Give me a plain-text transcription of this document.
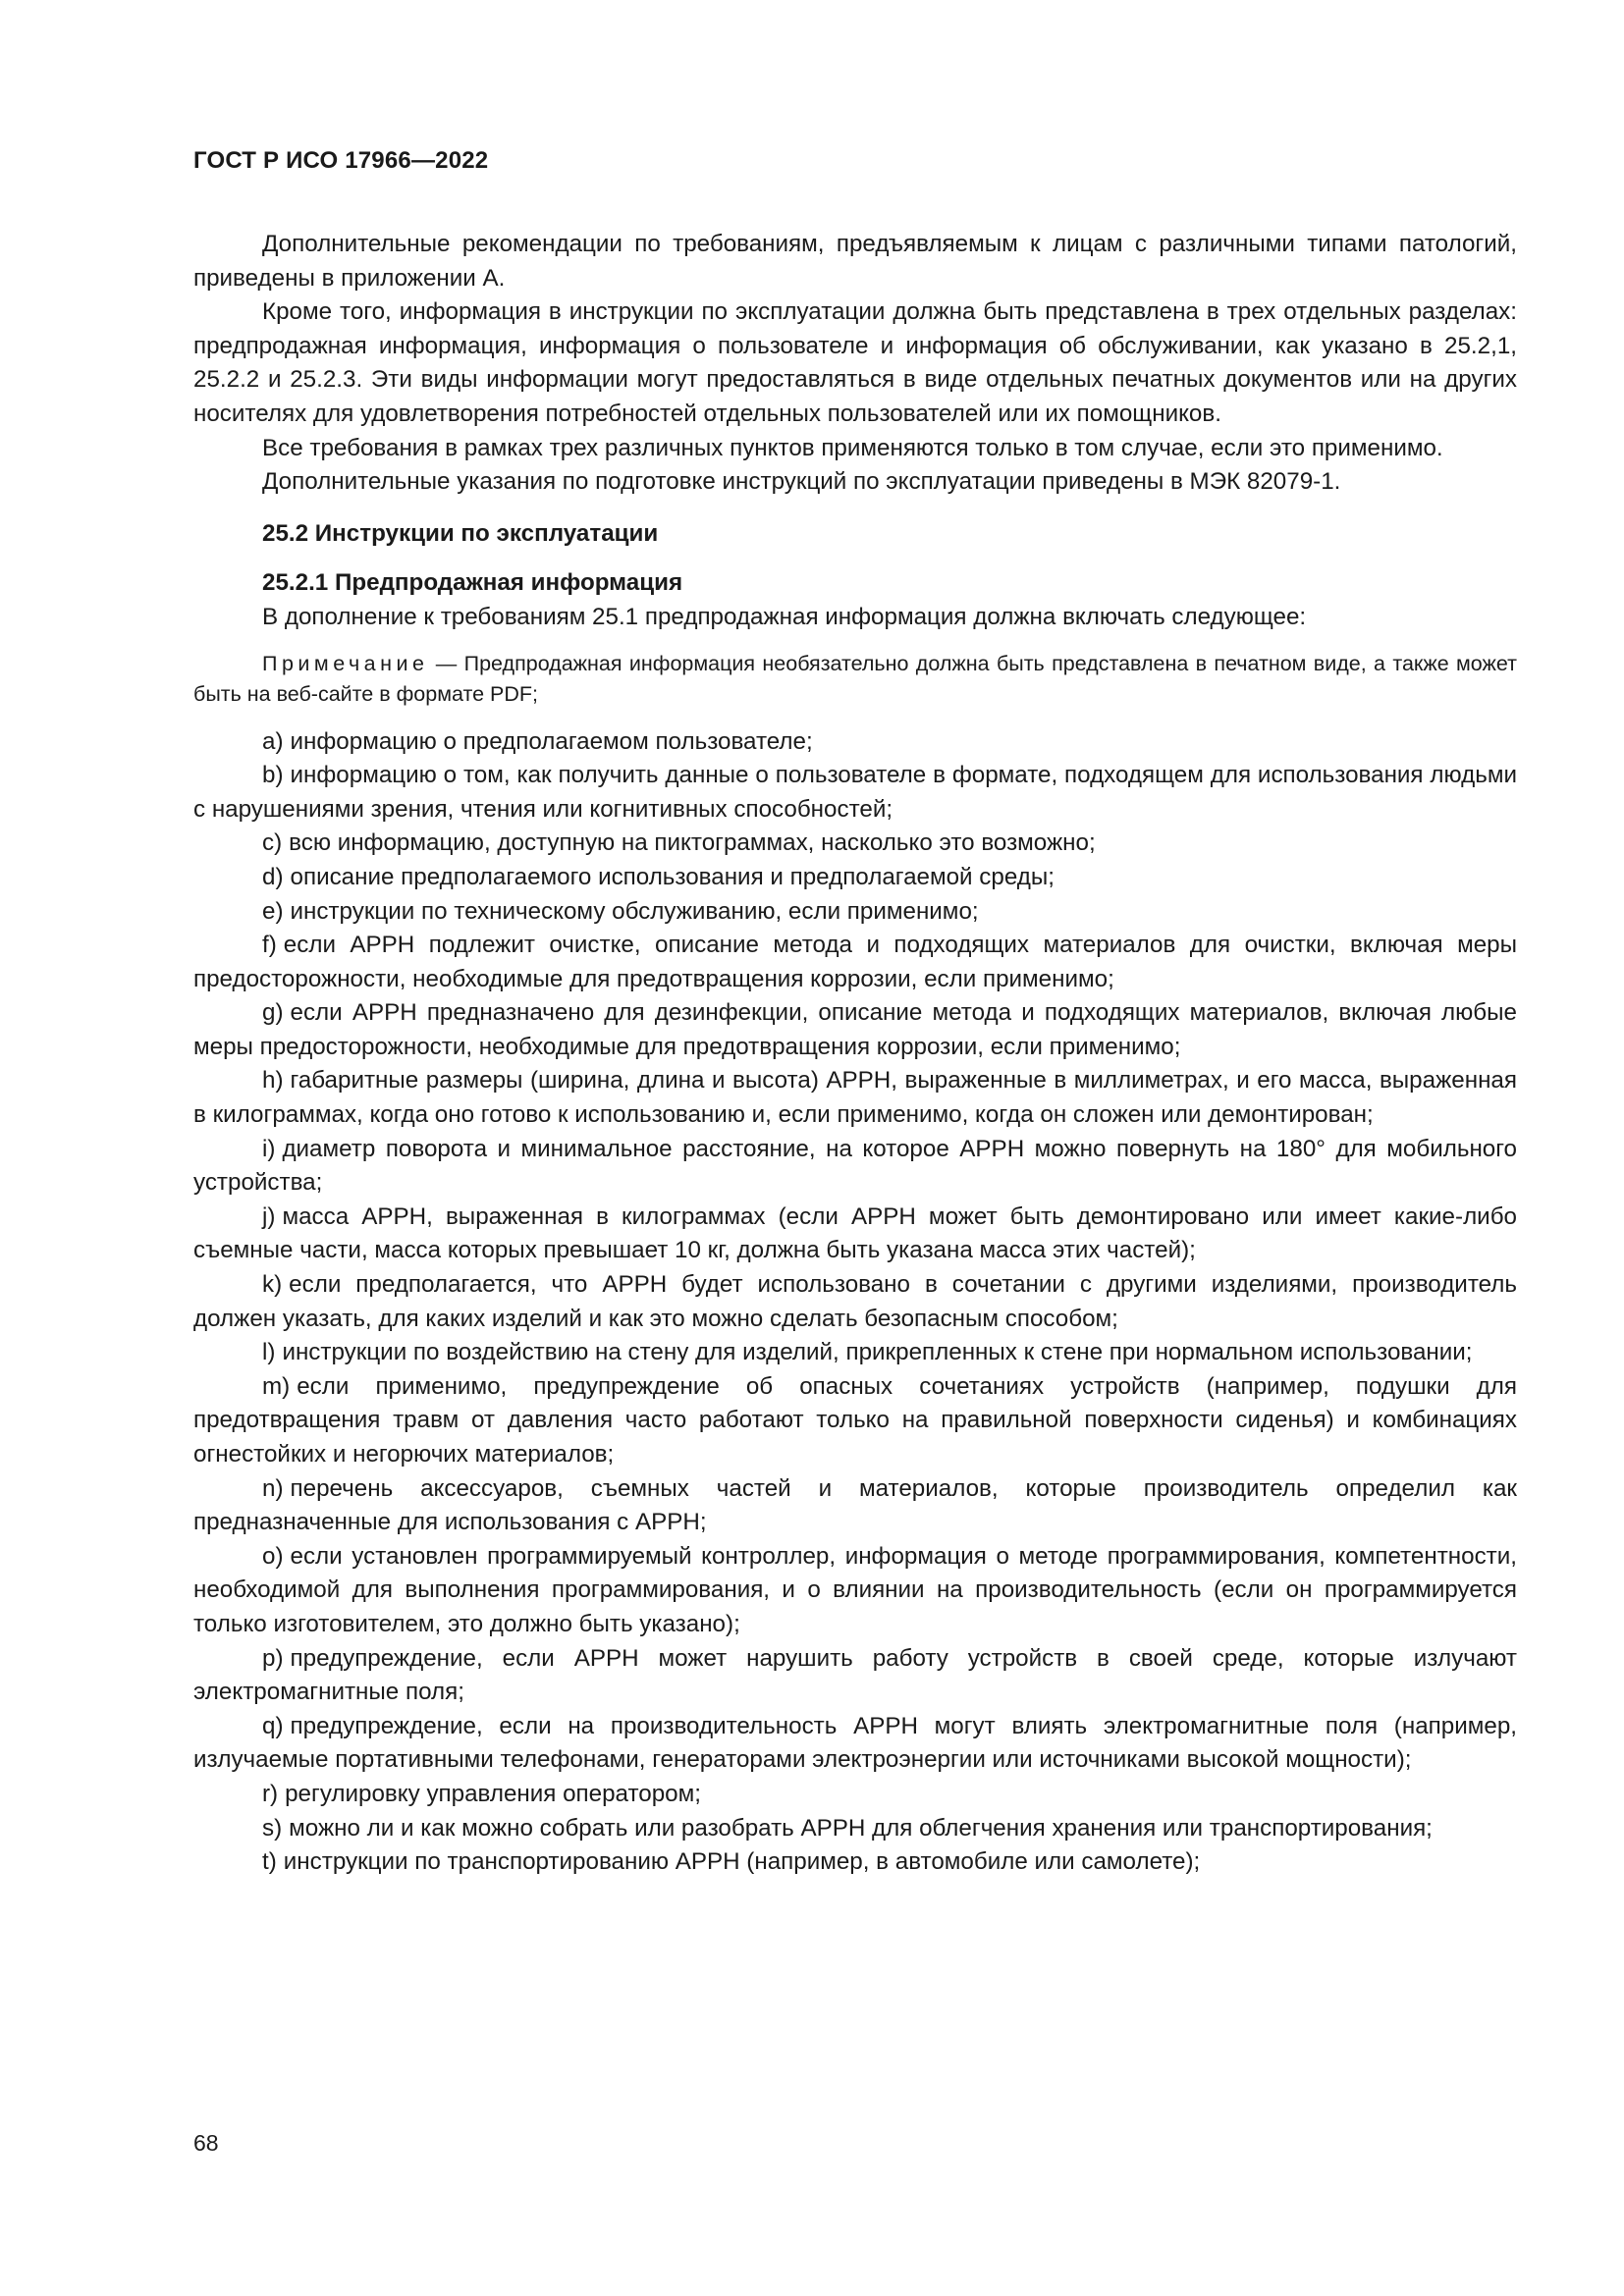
ГОСТ Р ИСО 17966—2022

Дополнительные рекомендации по требованиям, предъявляемым к лицам с различными типами патологий, приведены в приложении А.

Кроме того, информация в инструкции по эксплуатации должна быть представлена в трех отдельных разделах: предпродажная информация, информация о пользователе и информация об обслуживании, как указано в 25.2,1, 25.2.2 и 25.2.3. Эти виды информации могут предоставляться в виде отдельных печатных документов или на других носителях для удовлетворения потребностей отдельных пользователей или их помощников.

Все требования в рамках трех различных пунктов применяются только в том случае, если это применимо.

Дополнительные указания по подготовке инструкций по эксплуатации приведены в МЭК 82079-1.

25.2 Инструкции по эксплуатации

25.2.1 Предпродажная информация

В дополнение к требованиям 25.1 предпродажная информация должна включать следующее:

Примечание — Предпродажная информация необязательно должна быть представлена в печатном виде, а также может быть на веб-сайте в формате PDF;

a) информацию о предполагаемом пользователе;

b) информацию о том, как получить данные о пользователе в формате, подходящем для использования людьми с нарушениями зрения, чтения или когнитивных способностей;

c) всю информацию, доступную на пиктограммах, насколько это возможно;

d) описание предполагаемого использования и предполагаемой среды;

e) инструкции по техническому обслуживанию, если применимо;

f) если АРРН подлежит очистке, описание метода и подходящих материалов для очистки, включая меры предосторожности, необходимые для предотвращения коррозии, если применимо;

g) если АРРН предназначено для дезинфекции, описание метода и подходящих материалов, включая любые меры предосторожности, необходимые для предотвращения коррозии, если применимо;

h) габаритные размеры (ширина, длина и высота) АРРН, выраженные в миллиметрах, и его масса, выраженная в килограммах, когда оно готово к использованию и, если применимо, когда он сложен или демонтирован;

i) диаметр поворота и минимальное расстояние, на которое АРРН можно повернуть на 180° для мобильного устройства;

j) масса АРРН, выраженная в килограммах (если АРРН может быть демонтировано или имеет какие-либо съемные части, масса которых превышает 10 кг, должна быть указана масса этих частей);

k) если предполагается, что АРРН будет использовано в сочетании с другими изделиями, производитель должен указать, для каких изделий и как это можно сделать безопасным способом;

l) инструкции по воздействию на стену для изделий, прикрепленных к стене при нормальном использовании;

m) если применимо, предупреждение об опасных сочетаниях устройств (например, подушки для предотвращения травм от давления часто работают только на правильной поверхности сиденья) и комбинациях огнестойких и негорючих материалов;

n) перечень аксессуаров, съемных частей и материалов, которые производитель определил как предназначенные для использования с АРРН;

o) если установлен программируемый контроллер, информация о методе программирования, компетентности, необходимой для выполнения программирования, и о влиянии на производительность (если он программируется только изготовителем, это должно быть указано);

p) предупреждение, если АРРН может нарушить работу устройств в своей среде, которые излучают электромагнитные поля;

q) предупреждение, если на производительность АРРН могут влиять электромагнитные поля (например, излучаемые портативными телефонами, генераторами электроэнергии или источниками высокой мощности);

r) регулировку управления оператором;

s) можно ли и как можно собрать или разобрать АРРН для облегчения хранения или транспортирования;

t) инструкции по транспортированию АРРН (например, в автомобиле или самолете);

68
